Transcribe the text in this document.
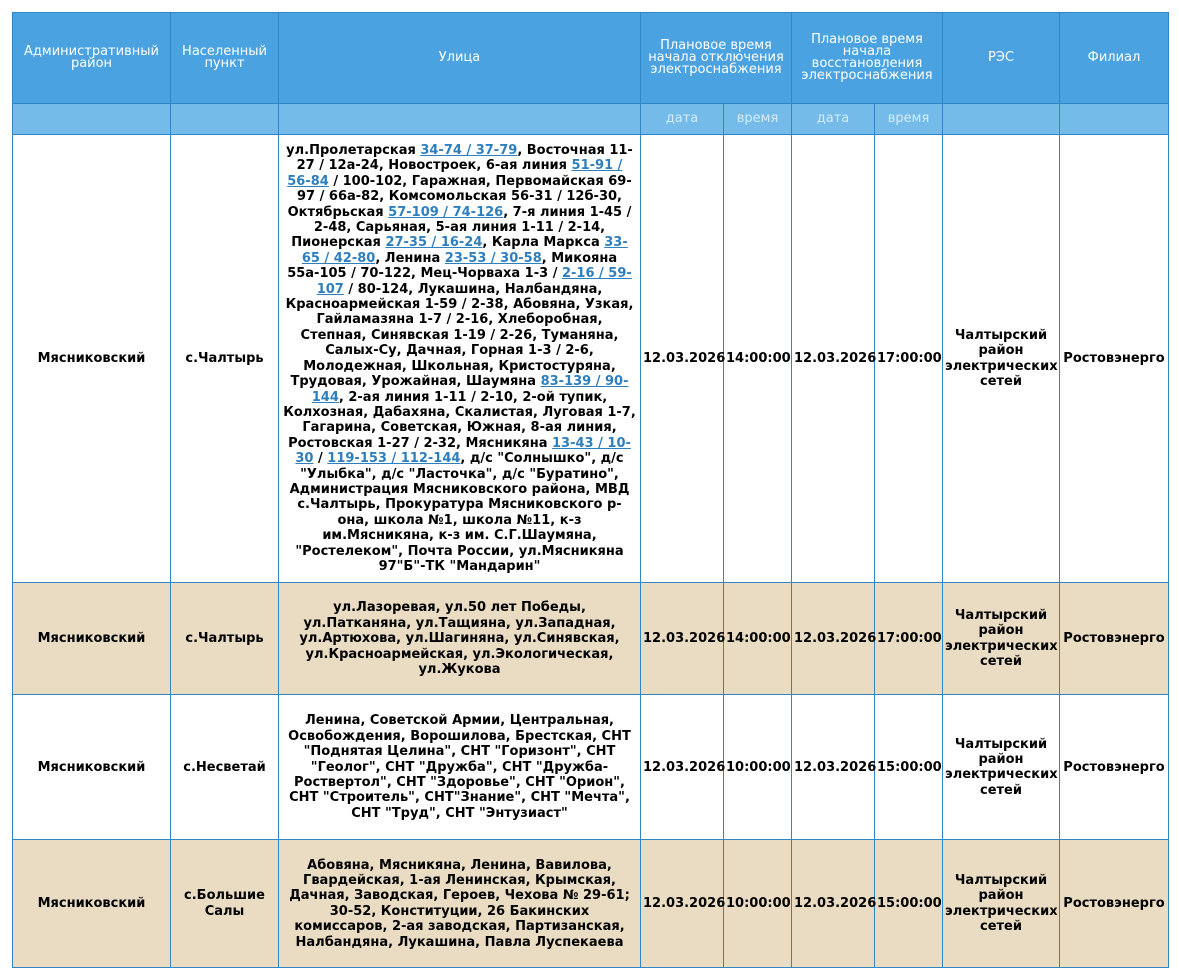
Административный район	Населенный пункт	Улица	Плановое время начала отключения электроснабжения		Плановое время начала восстановления электроснабжения		РЭС	Филиал
			дата	время	дата	время		
Мясниковский	с.Чалтырь	ул.Пролетарская 34-74 / 37-79, Восточная 11-27 / 12а-24, Новостроек, 6-ая линия 51-91 / 56-84 / 100-102, Гаражная, Первомайская 69-97 / 66а-82, Комсомольская 56-31 / 12б-30, Октябрьская 57-109 / 74-126, 7-я линия 1-45 / 2-48, Сарьяная, 5-ая линия 1-11 / 2-14, Пионерская 27-35 / 16-24, Карла Маркса 33-65 / 42-80, Ленина 23-53 / 30-58, Микояна 55а-105 / 70-122, Мец-Чорваха 1-3 / 2-16 / 59-107 / 80-124, Лукашина, Налбандяна, Красноармейская 1-59 / 2-38, Абовяна, Узкая, Гайламазяна 1-7 / 2-16, Хлеборобная, Степная, Синявская 1-19 / 2-26, Туманяна, Салых-Су, Дачная, Горная 1-3 / 2-6, Молодежная, Школьная, Кристостуряна, Трудовая, Урожайная, Шаумяна 83-139 / 90-144, 2-ая линия 1-11 / 2-10, 2-ой тупик, Колхозная, Дабахяна, Скалистая, Луговая 1-7, Гагарина, Советская, Южная, 8-ая линия, Ростовская 1-27 / 2-32, Мясникяна 13-43 / 10-30 / 119-153 / 112-144, д/с "Солнышко", д/с "Улыбка", д/с "Ласточка", д/с "Буратино", Администрация Мясниковского района, МВД с.Чалтырь, Прокуратура Мясниковского р-она, школа №1, школа №11, к-з им.Мясникяна, к-з им. С.Г.Шаумяна, "Ростелеком", Почта России, ул.Мясникяна 97"Б"-ТК "Мандарин"	12.03.2026	14:00:00	12.03.2026	17:00:00	Чалтырский район электрических сетей	Ростовэнерго
Мясниковский	с.Чалтырь	ул.Лазоревая, ул.50 лет Победы, ул.Патканяна, ул.Тащияна, ул.Западная, ул.Артюхова, ул.Шагиняна, ул.Синявская, ул.Красноармейская, ул.Экологическая, ул.Жукова	12.03.2026	14:00:00	12.03.2026	17:00:00	Чалтырский район электрических сетей	Ростовэнерго
Мясниковский	с.Несветай	Ленина, Советской Армии, Центральная, Освобождения, Ворошилова, Брестская, СНТ "Поднятая Целина", СНТ "Горизонт", СНТ "Геолог", СНТ "Дружба", СНТ "Дружба-Роствертол", СНТ "Здоровье", СНТ "Орион", СНТ "Строитель", СНТ"Знание", СНТ "Мечта", СНТ "Труд", СНТ "Энтузиаст"	12.03.2026	10:00:00	12.03.2026	15:00:00	Чалтырский район электрических сетей	Ростовэнерго
Мясниковский	с.Большие Салы	Абовяна, Мясникяна, Ленина, Вавилова, Гвардейская, 1-ая Ленинская, Крымская, Дачная, Заводская, Героев, Чехова № 29-61; 30-52, Конституции, 26 Бакинских комиссаров, 2-ая заводская, Партизанская, Налбандяна, Лукашина, Павла Луспекаева	12.03.2026	10:00:00	12.03.2026	15:00:00	Чалтырский район электрических сетей	Ростовэнерго
